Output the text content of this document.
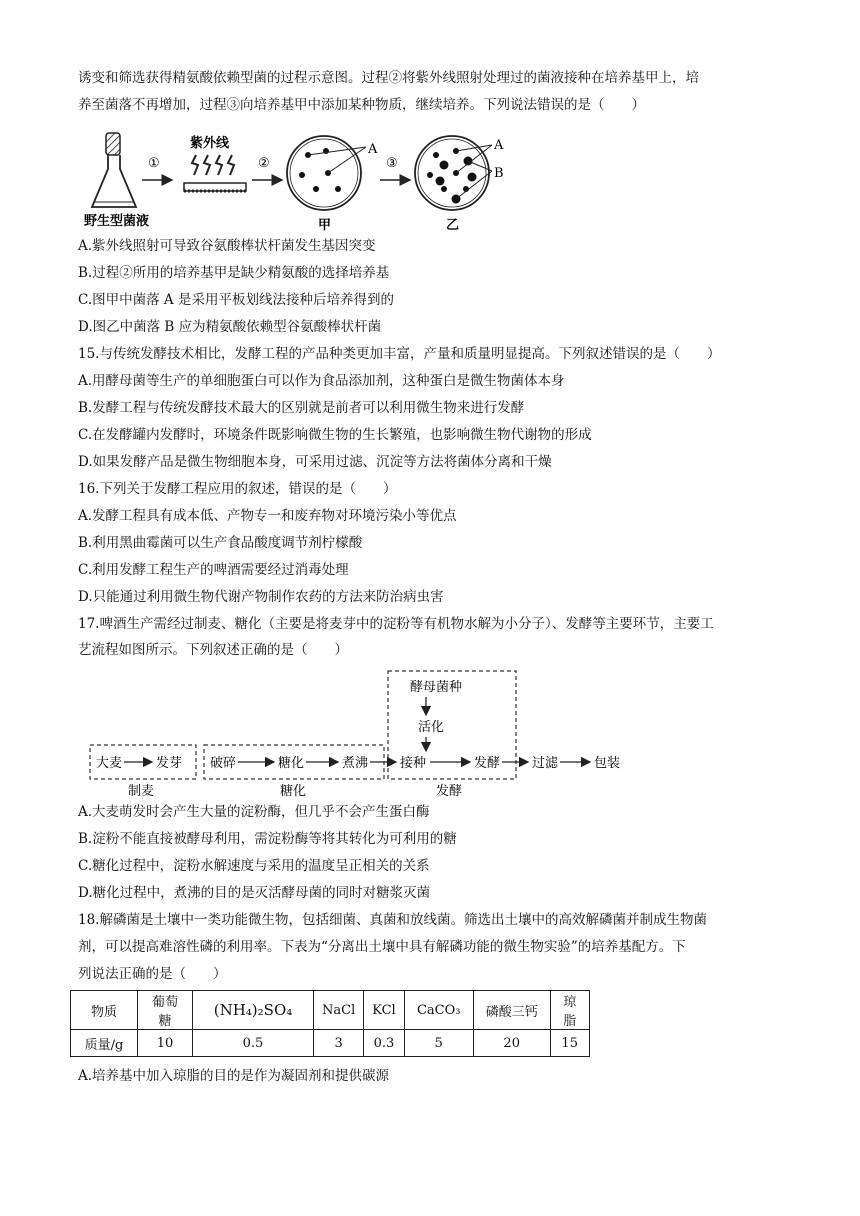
诱变和筛选获得精氨酸依赖型菌的过程示意图。过程②将紫外线照射处理过的菌液接种在培养基甲上，培
养至菌落不再增加，过程③向培养基甲中添加某种物质，继续培养。下列说法错误的是（　　）
野生型菌液
①
紫外线
②
A
甲
③
A
B
乙
A.紫外线照射可导致谷氨酸棒状杆菌发生基因突变
B.过程②所用的培养基甲是缺少精氨酸的选择培养基
C.图甲中菌落 A 是采用平板划线法接种后培养得到的
D.图乙中菌落 B 应为精氨酸依赖型谷氨酸棒状杆菌
15.与传统发酵技术相比，发酵工程的产品种类更加丰富，产量和质量明显提高。下列叙述错误的是（　　）
A.用酵母菌等生产的单细胞蛋白可以作为食品添加剂，这种蛋白是微生物菌体本身
B.发酵工程与传统发酵技术最大的区别就是前者可以利用微生物来进行发酵
C.在发酵罐内发酵时，环境条件既影响微生物的生长繁殖，也影响微生物代谢物的形成
D.如果发酵产品是微生物细胞本身，可采用过滤、沉淀等方法将菌体分离和干燥
16.下列关于发酵工程应用的叙述，错误的是（　　）
A.发酵工程具有成本低、产物专一和废弃物对环境污染小等优点
B.利用黑曲霉菌可以生产食品酸度调节剂柠檬酸
C.利用发酵工程生产的啤酒需要经过消毒处理
D.只能通过利用微生物代谢产物制作农药的方法来防治病虫害
17.啤酒生产需经过制麦、糖化（主要是将麦芽中的淀粉等有机物水解为小分子）、发酵等主要环节，主要工
艺流程如图所示。下列叙述正确的是（　　）
酵母菌种
活化
大麦	发芽 破碎	糖化	煮沸 接种	发酵 过滤	包装
制麦	糖化	发酵
A.大麦萌发时会产生大量的淀粉酶，但几乎不会产生蛋白酶
B.淀粉不能直接被酵母利用，需淀粉酶等将其转化为可利用的糖
C.糖化过程中，淀粉水解速度与采用的温度呈正相关的关系
D.糖化过程中，煮沸的目的是灭活酵母菌的同时对糖浆灭菌
18.解磷菌是土壤中一类功能微生物，包括细菌、真菌和放线菌。筛选出土壤中的高效解磷菌并制成生物菌
剂，可以提高难溶性磷的利用率。下表为“分离出土壤中具有解磷功能的微生物实验”的培养基配方。下
列说法正确的是（　　）
物质	葡萄糖	(NH₄)₂SO₄	NaCl	KCl	CaCO₃	磷酸三钙	琼脂
质量/g	10	0.5	3	0.3	5	20	15
A.培养基中加入琼脂的目的是作为凝固剂和提供碳源
